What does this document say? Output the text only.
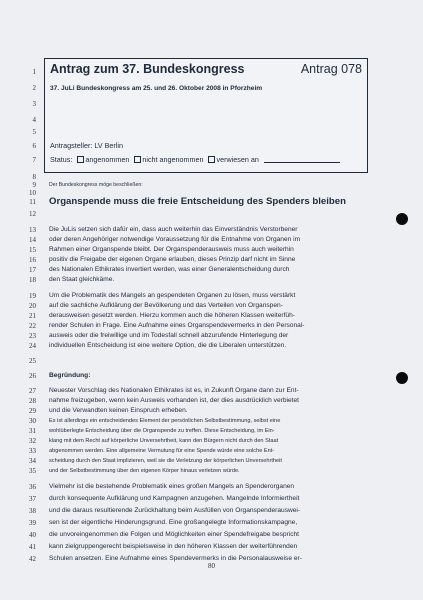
Antrag zum 37. Bundeskongress	Antrag 078
37. JuLi Bundeskongress am 25. und 26. Oktober 2008 in Pforzheim
Antragsteller: LV Berlin
Status: angenommen nicht angenommen verwiesen an
1
2
3
4
5
6
7
8
9
10
11
12
13
14
15
16
17
18
19
20
21
22
23
24
25
26
27
28
29
30
31
32
33
34
35
36
37
38
39
40
41
42
Der Bundeskongress möge beschließen:
Organspende muss die freie Entscheidung des Spenders bleiben
Die JuLis setzen sich dafür ein, dass auch weiterhin das Einverständnis Verstorbener
oder deren Angehöriger notwendige Voraussetzung für die Entnahme von Organen im
Rahmen einer Organspende bleibt. Der Organspenderausweis muss auch weiterhin
positiv die Freigabe der eigenen Organe erlauben, dieses Prinzip darf nicht im Sinne
des Nationalen Ethikrates invertiert werden, was einer Generalentscheidung durch
den Staat gleichkäme.
Um die Problematik des Mangels an gespendeten Organen zu lösen, muss verstärkt
auf die sachliche Aufklärung der Bevölkerung und das Verteilen von Organspen-
derausweisen gesetzt werden. Hierzu kommen auch die höheren Klassen weiterfüh-
render Schulen in Frage. Eine Aufnahme eines Organspendevermerks in den Personal-
ausweis oder die freiwillige und im Todesfall schnell abzurufende Hinterlegung der
individuellen Entscheidung ist eine weitere Option, die die Liberalen unterstützen.
Begründung:
Neuester Vorschlag des Nationalen Ethikrates ist es, in Zukunft Organe dann zur Ent-
nahme freizugeben, wenn kein Ausweis vorhanden ist, der dies ausdrücklich verbietet
und die Verwandten keinen Einspruch erheben.
Es ist allerdings ein entscheidendes Element der persönlichen Selbstbestimmung, selbst eine
wohlüberlegte Entscheidung über die Organspende zu treffen. Diese Entscheidung, im Ein-
klang mit dem Recht auf körperliche Unversehrtheit, kann den Bürgern nicht durch den Staat
abgenommen werden. Eine allgemeine Vermutung für eine Spende würde eine solche Ent-
scheidung durch den Staat implizieren, weil sie die Verletzung der körperlichen Unversehrtheit
und der Selbstbestimmung über den eigenen Körper hinaus verletzen würde.
Vielmehr ist die bestehende Problematik eines großen Mangels an Spenderorganen
durch konsequente Aufklärung und Kampagnen anzugehen. Mangelnde Informiertheit
und die daraus resultierende Zurückhaltung beim Ausfüllen von Organspenderauswei-
sen ist der eigentliche Hinderungsgrund. Eine großangelegte Informationskampagne,
die unvoreingenommen die Folgen und Möglichkeiten einer Spendefreigabe bespricht
kann zielgruppengerecht beispielsweise in den höheren Klassen der weiterführenden
Schulen ansetzen. Eine Aufnahme eines Spendevermerks in die Personalausweise er-
80
